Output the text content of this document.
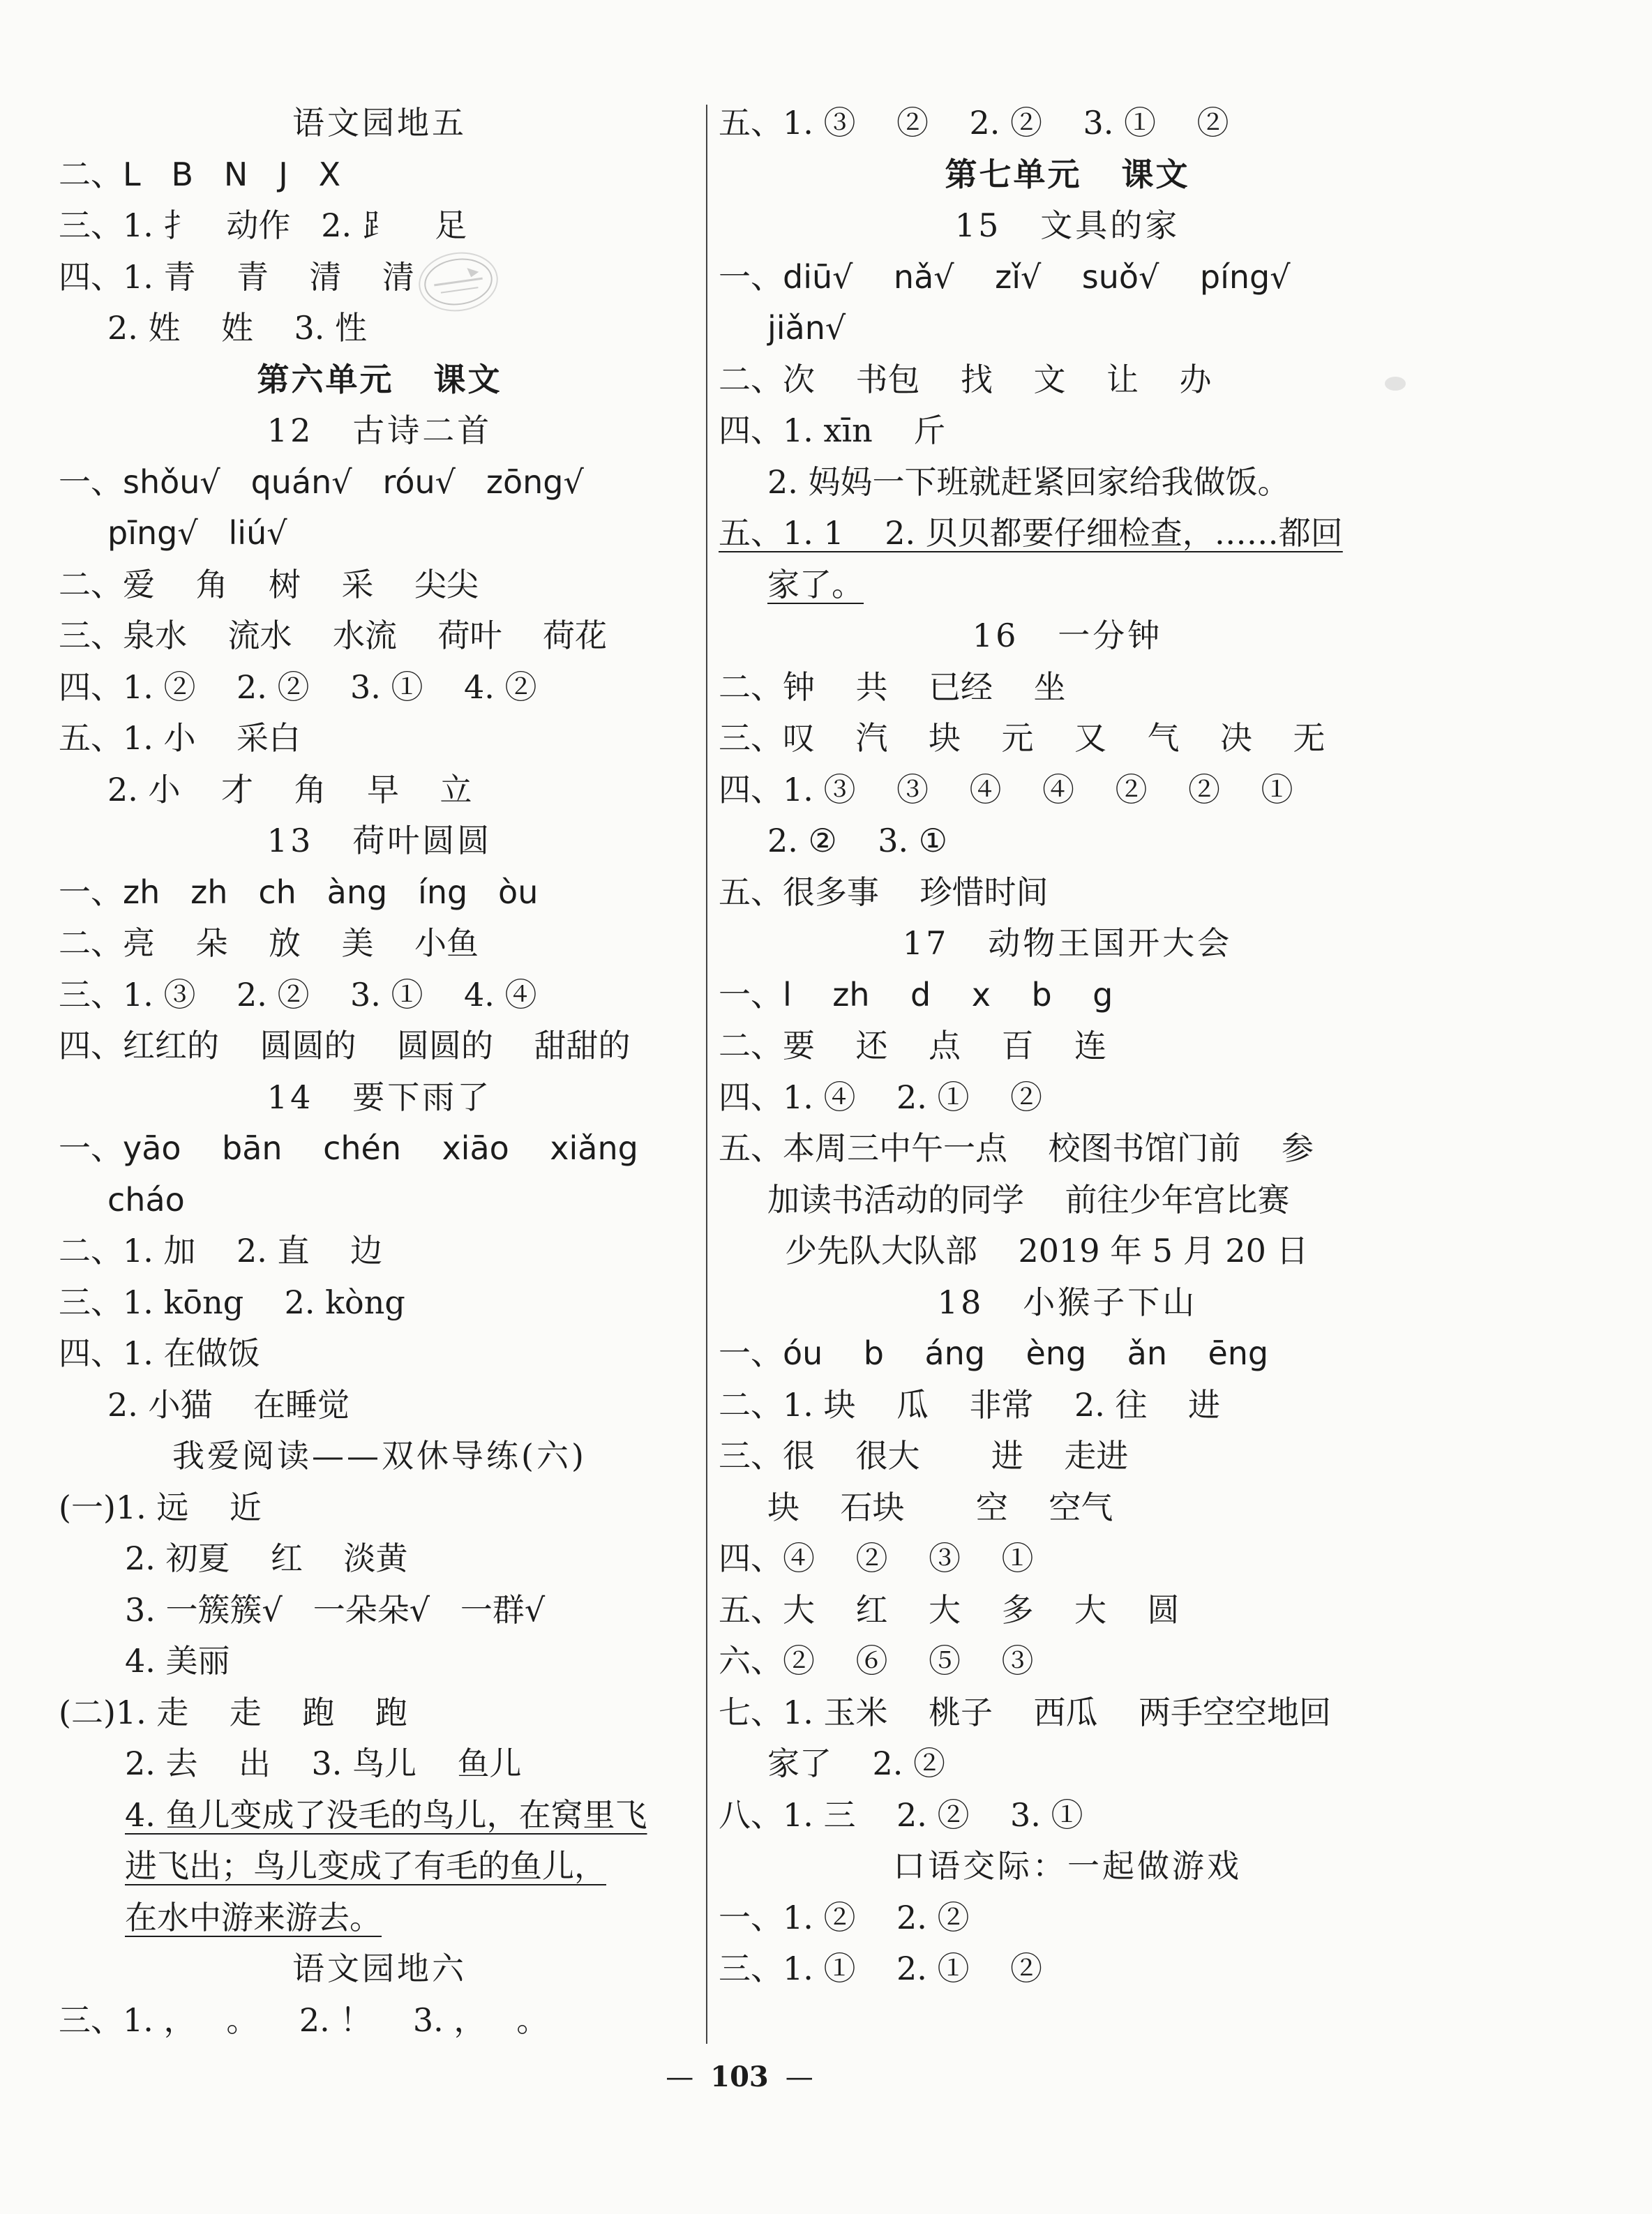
语文园地五
二、L   B   N   J   X
三、1. 扌   动作   2. ⻊    足
四、1. 青    青    清    清
2. 姓    姓    3. 性
第六单元   课文
12   古诗二首
一、shǒu√   quán√   róu√   zōng√
pīng√   liú√
二、爱    角    树    采    尖尖
三、泉水    流水    水流    荷叶    荷花
四、1. ②    2. ②    3. ①    4. ②
五、1. 小    采白
2. 小    才    角    早    立
13   荷叶圆圆
一、zh   zh   ch   àng   íng   òu
二、亮    朵    放    美    小鱼
三、1. ③    2. ②    3. ①    4. ④
四、红红的    圆圆的    圆圆的    甜甜的
14   要下雨了
一、yāo    bān    chén    xiāo    xiǎng
cháo
二、1. 加    2. 直    边
三、1. kōng    2. kòng
四、1. 在做饭
2. 小猫    在睡觉
我爱阅读——双休导练(六)
(一)1. 远    近
2. 初夏    红    淡黄
3. 一簇簇√   一朵朵√   一群√
4. 美丽
(二)1. 走    走    跑    跑
2. 去    出    3. 鸟儿    鱼儿
4. 鱼儿变成了没毛的鸟儿，在窝里飞
进飞出；鸟儿变成了有毛的鱼儿，
在水中游来游去。
语文园地六
三、1. ，   。    2. ！    3. ，   。
五、1. ③    ②    2. ②    3. ①    ②
第七单元   课文
15   文具的家
一、diū√    nǎ√    zǐ√    suǒ√    píng√
jiǎn√
二、次    书包    找    文    让    办
四、1. xīn    斤
2. 妈妈一下班就赶紧回家给我做饭。
五、1. 1    2. 贝贝都要仔细检查，……都回
家了。
16   一分钟
二、钟    共    已经    坐
三、叹    汽    块    元    又    气    决    无
四、1. ③    ③    ④    ④    ②    ②    ①
2. ②    3. ①
五、很多事    珍惜时间
17   动物王国开大会
一、l    zh    d    x    b    g
二、要    还    点    百    连
四、1. ④    2. ①    ②
五、本周三中午一点    校图书馆门前    参
加读书活动的同学    前往少年宫比赛
少先队大队部    2019 年 5 月 20 日
18   小猴子下山
一、óu    b    áng    èng    ǎn    ēng
二、1. 块    瓜    非常    2. 往    进
三、很    很大       进    走进
块    石块       空    空气
四、④    ②    ③    ①
五、大    红    大    多    大    圆
六、②    ⑥    ⑤    ③
七、1. 玉米    桃子    西瓜    两手空空地回
家了    2. ②
八、1. 三    2. ②    3. ①
口语交际：一起做游戏
一、1. ②    2. ②
三、1. ①    2. ①    ②
— 103 —
